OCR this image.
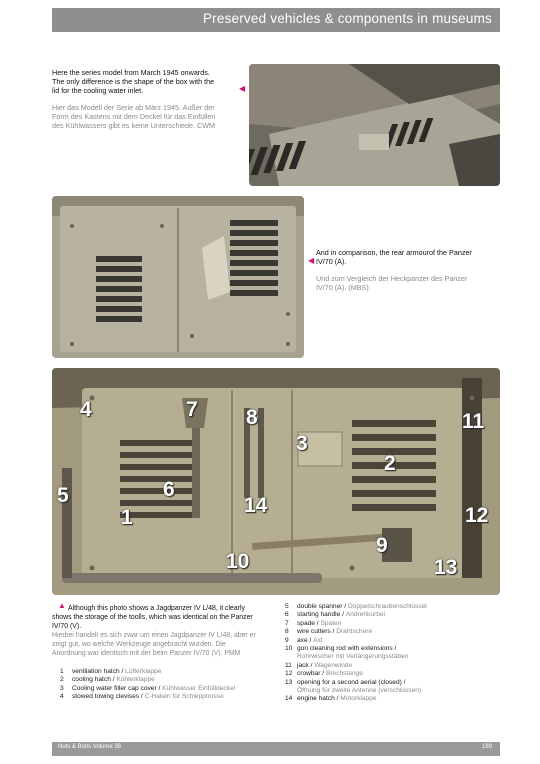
Preserved vehicles & components in museums
Here the series model from March 1945 onwards.
The only difference is the shape of the box with the
lid for the cooling water inlet.
Hier das Modell der Serie ab März 1945. Außer der
Form des Kastens mit dem Deckel für das Einfüllen
des Kühlwassers gibt es keine Unterschiede. CWM
◀
◀
And in comparison, the rear armourof the Panzer
IV/70 (A).
Und zum Vergleich der Heckpanzer des Panzer
IV/70 (A). (MBS)
4	7 8
3
11
2
5	6
1
14	12
9
10	13
▲ Although this photo shows a Jagdpanzer IV L/48, it clearly
shows the storage of the toolls, which was identical on the Panzer
IV/70 (V).
Hierbei handelt es sich zwar um einen Jagdpanzer IV L/48, aber er
zeigt gut, wo welche Werkzeuge angebracht wurden. Die
Anordnung war identisch mit der beim Panzer IV/70 (V). PMM
1	ventilation hatch / Lüfterklappe
2	cooling hatch / Kühlerklappe
3	Cooling water filler cap cover / Kühlwasser Einfülldeckel
4	stowed towing clevises / C-Haken für Schlepptrosse
5	double spanner / Doppelschraubenschlüssel
6	starting handle / Andrehkurbel
7	spade / Spaten
8	wire cutters / Drahtschere
9	axe / Axt
10 gun cleaning rod with extensions /
Rohrwischer mit Verlängerungsstäben
11 jack / Wagenwinde
12 crowbar / Brechstange
13 opening for a second aerial (closed) /
Öffnung für zweite Antenne (verschlossen)
14 engine hatch / Motorklappe
Nuts & Bolts Volume 36	189
